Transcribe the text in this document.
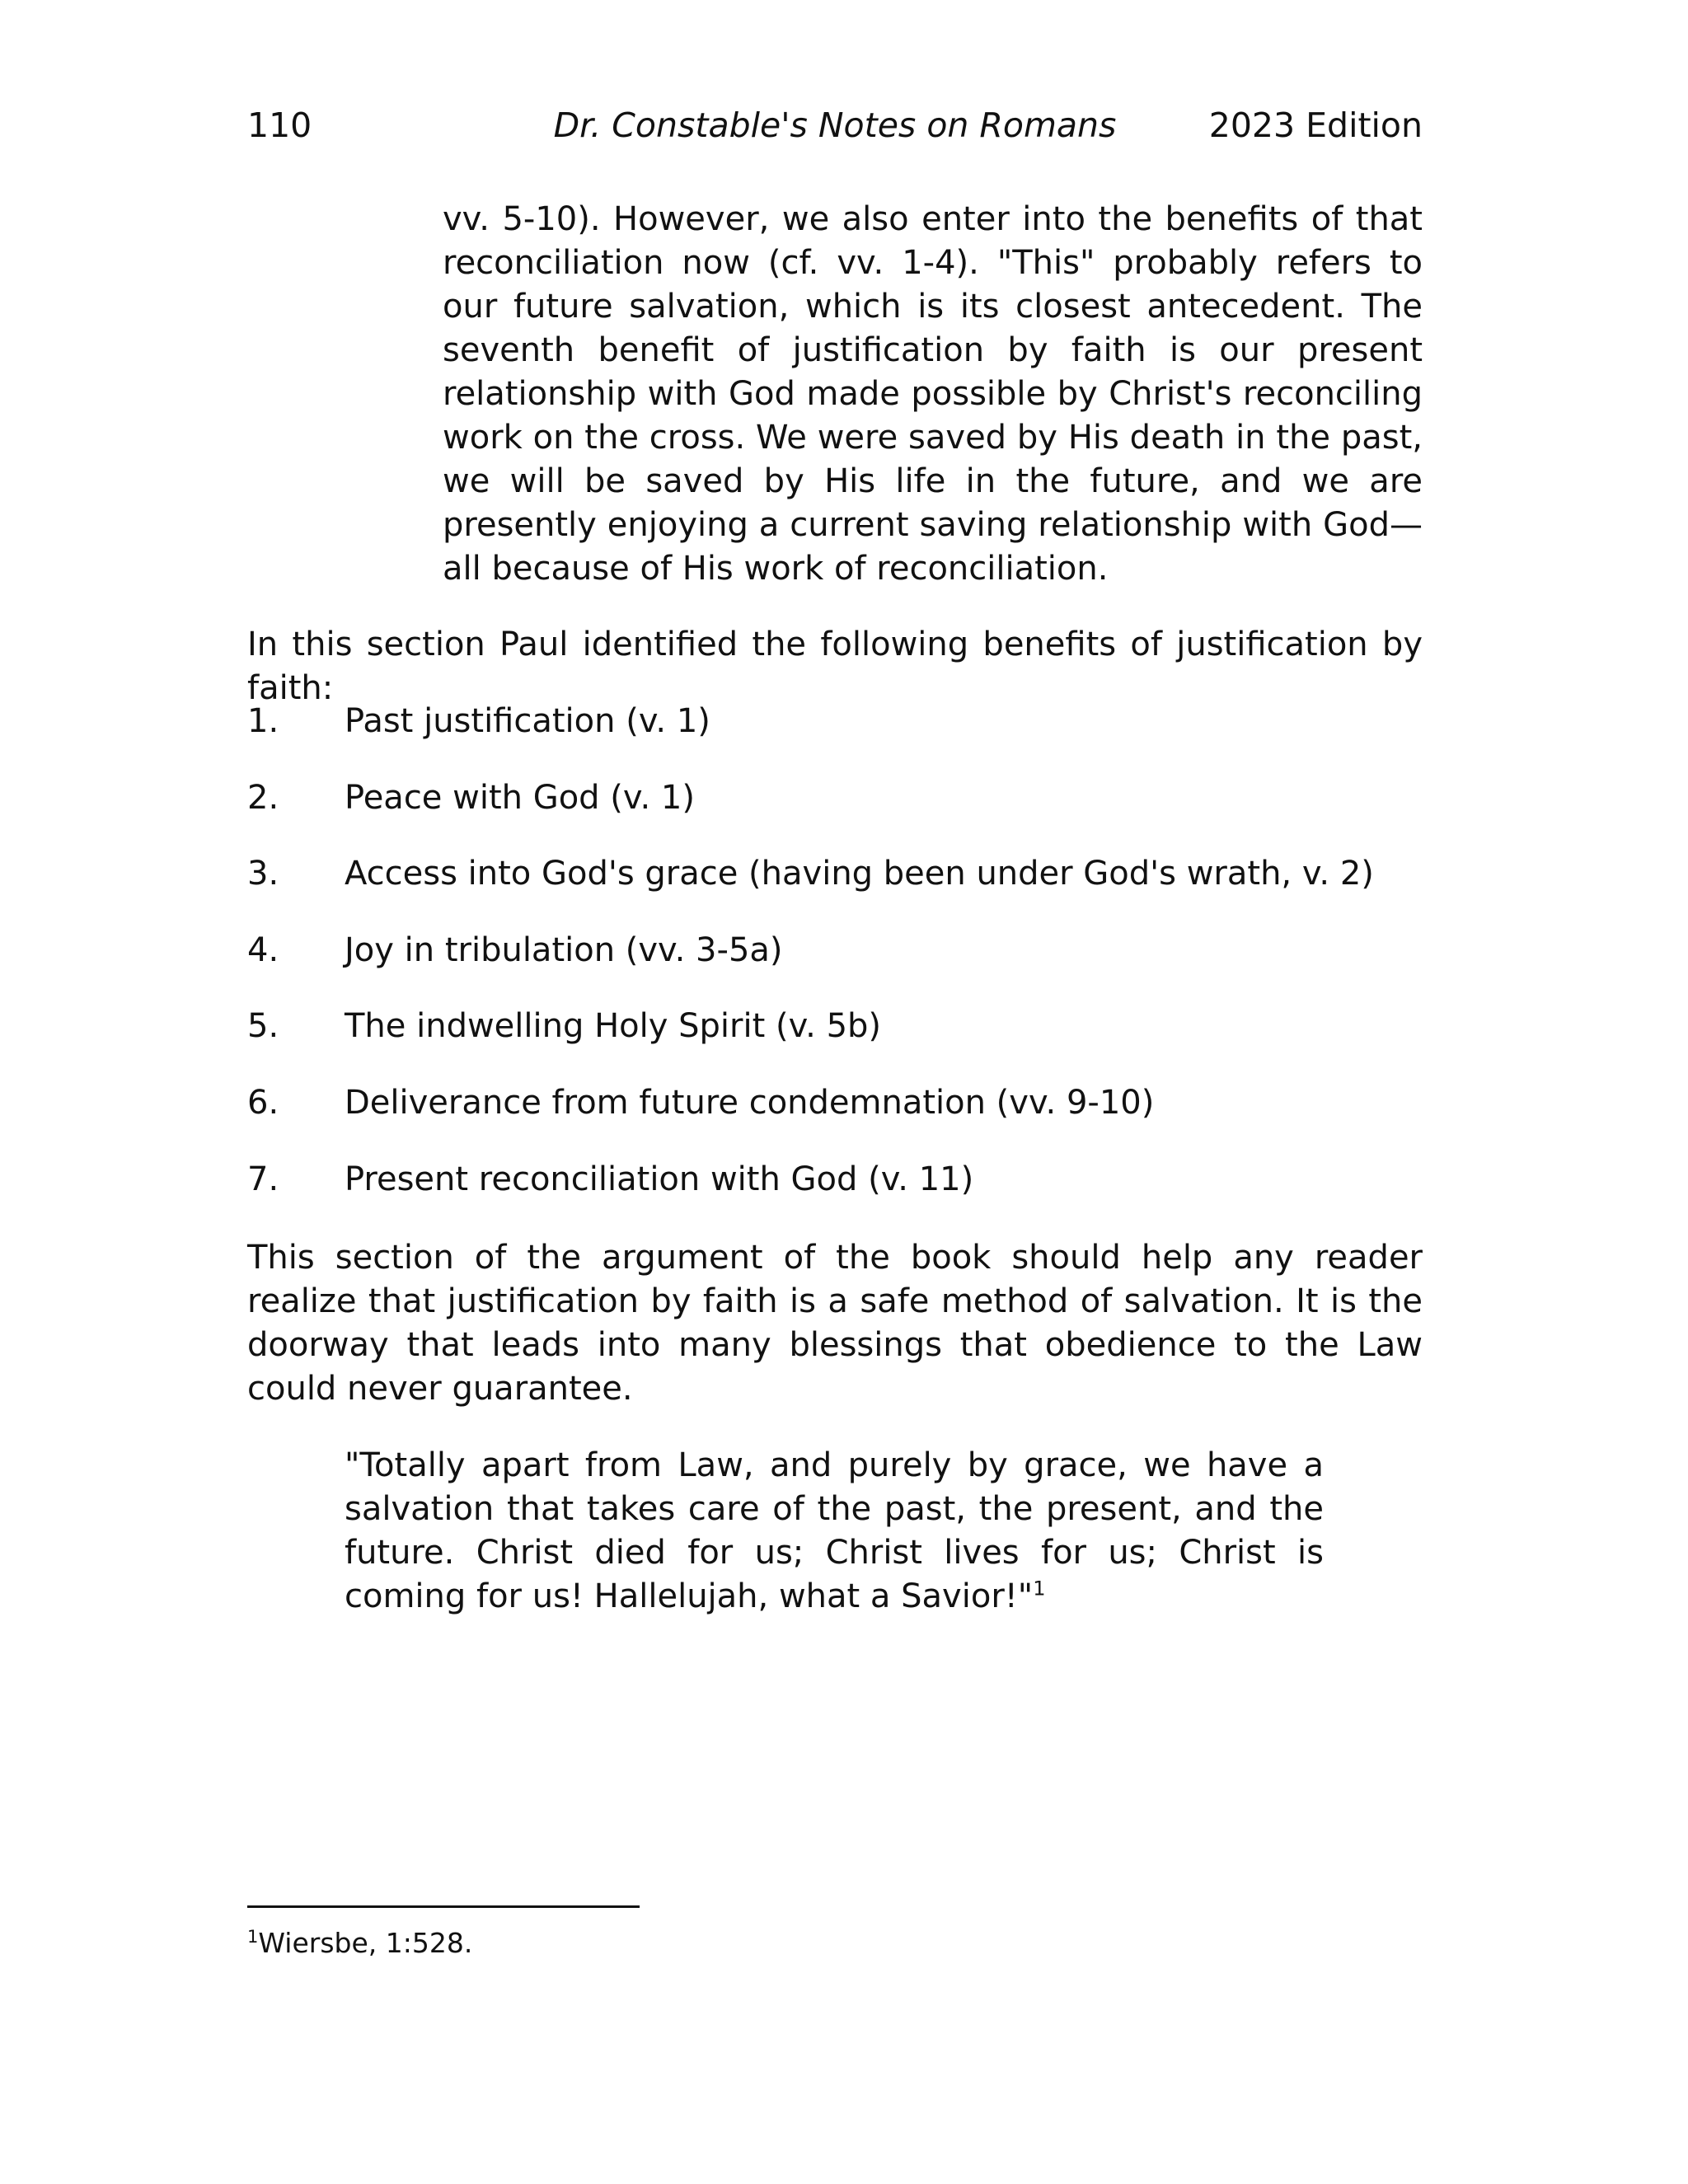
110	Dr. Constable's Notes on Romans	2023 Edition

vv. 5-10). However, we also enter into the benefits of that reconciliation now (cf. vv. 1-4). "This" probably refers to our future salvation, which is its closest antecedent. The seventh benefit of justification by faith is our present relationship with God made possible by Christ's reconciling work on the cross. We were saved by His death in the past, we will be saved by His life in the future, and we are presently enjoying a current saving relationship with God—all because of His work of reconciliation.

In this section Paul identified the following benefits of justification by faith:

1. Past justification (v. 1)
2. Peace with God (v. 1)
3. Access into God's grace (having been under God's wrath, v. 2)
4. Joy in tribulation (vv. 3-5a)
5. The indwelling Holy Spirit (v. 5b)
6. Deliverance from future condemnation (vv. 9-10)
7. Present reconciliation with God (v. 11)

This section of the argument of the book should help any reader realize that justification by faith is a safe method of salvation. It is the doorway that leads into many blessings that obedience to the Law could never guarantee.

"Totally apart from Law, and purely by grace, we have a salvation that takes care of the past, the present, and the future. Christ died for us; Christ lives for us; Christ is coming for us! Hallelujah, what a Savior!"$^1$
$^1$Wiersbe, 1:528.
